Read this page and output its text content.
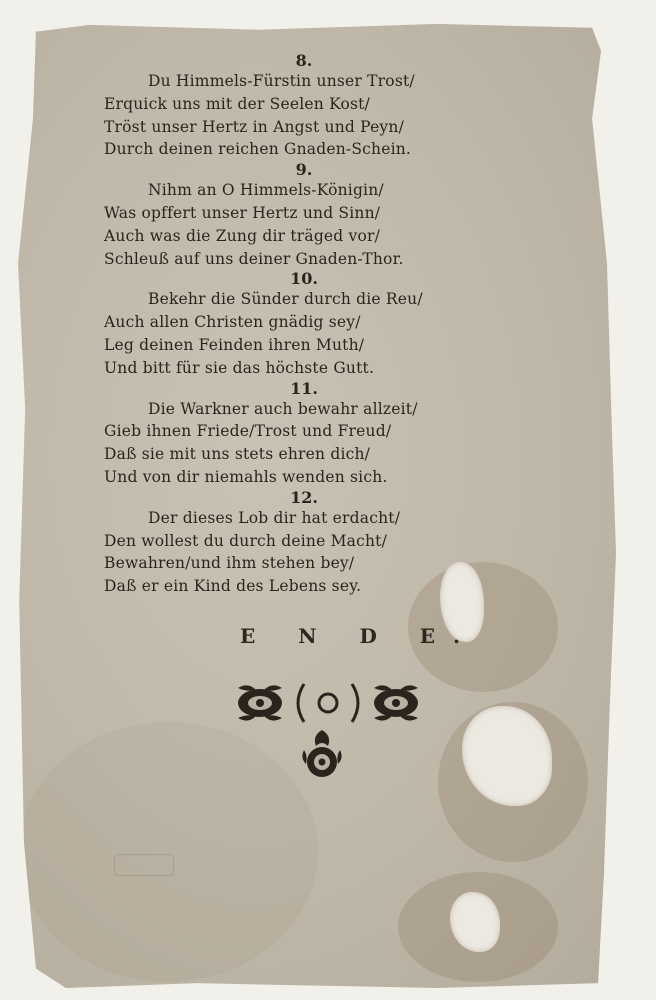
8.
Du Himmels-Fürstin unser Trost/
Erquick uns mit der Seelen Kost/
Tröst unser Hertz in Angst und Peyn/
Durch deinen reichen Gnaden-Schein.
9.
Nihm an O Himmels-Königin/
Was opffert unser Hertz und Sinn/
Auch was die Zung dir träged vor/
Schleuß auf uns deiner Gnaden-Thor.
10.
Bekehr die Sünder durch die Reu/
Auch allen Christen gnädig sey/
Leg deinen Feinden ihren Muth/
Und bitt für sie das höchste Gutt.
11.
Die Warkner auch bewahr allzeit/
Gieb ihnen Friede/Trost und Freud/
Daß sie mit uns stets ehren dich/
Und von dir niemahls wenden sich.
12.
Der dieses Lob dir hat erdacht/
Den wollest du durch deine Macht/
Bewahren/und ihm stehen bey/
Daß er ein Kind des Lebens sey.
E N D E.
